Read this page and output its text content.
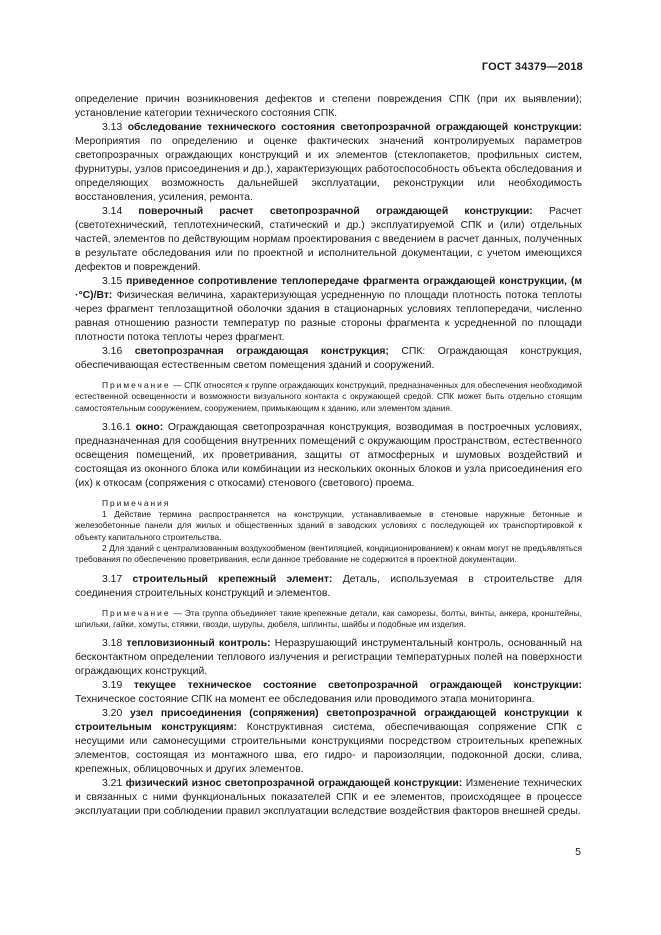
ГОСТ 34379—2018

определение причин возникновения дефектов и степени повреждения СПК (при их выявлении); установление категории технического состояния СПК.

3.13 обследование технического состояния светопрозрачной ограждающей конструкции: Мероприятия по определению и оценке фактических значений контролируемых параметров светопрозрачных ограждающих конструкций и их элементов (стеклопакетов, профильных систем, фурнитуры, узлов присоединения и др.), характеризующих работоспособность объекта обследования и определяющих возможность дальнейшей эксплуатации, реконструкции или необходимость восстановления, усиления, ремонта.

3.14 поверочный расчет светопрозрачной ограждающей конструкции: Расчет (светотехнический, теплотехнический, статический и др.) эксплуатируемой СПК и (или) отдельных частей, элементов по действующим нормам проектирования с введением в расчет данных, полученных в результате обследования или по проектной и исполнительной документации, с учетом имеющихся дефектов и повреждений.

3.15 приведенное сопротивление теплопередаче фрагмента ограждающей конструкции, (м ·°С)/Вт: Физическая величина, характеризующая усредненную по площади плотность потока теплоты через фрагмент теплозащитной оболочки здания в стационарных условиях теплопередачи, численно равная отношению разности температур по разные стороны фрагмента к усредненной по площади плотности потока теплоты через фрагмент.

3.16 светопрозрачная ограждающая конструкция; СПК: Ограждающая конструкция, обеспечивающая естественным светом помещения зданий и сооружений.

Примечание — СПК относятся к группе ограждающих конструкций, предназначенных для обеспечения необходимой естественной освещенности и возможности визуального контакта с окружающей средой. СПК может быть отдельно стоящим самостоятельным сооружением, сооружением, примыкающим к зданию, или элементом здания.

3.16.1 окно: Ограждающая светопрозрачная конструкция, возводимая в построечных условиях, предназначенная для сообщения внутренних помещений с окружающим пространством, естественного освещения помещений, их проветривания, защиты от атмосферных и шумовых воздействий и состоящая из оконного блока или комбинации из нескольких оконных блоков и узла присоединения его (их) к откосам (сопряжения с откосами) стенового (светового) проема.

Примечания

1 Действие термина распространяется на конструкции, устанавливаемые в стеновые наружные бетонные и железобетонные панели для жилых и общественных зданий в заводских условиях с последующей их транспортировкой к объекту капитального строительства.

2 Для зданий с централизованным воздухообменом (вентиляцией, кондиционированием) к окнам могут не предъявляться требования по обеспечению проветривания, если данное требование не содержится в проектной документации.

3.17 строительный крепежный элемент: Деталь, используемая в строительстве для соединения строительных конструкций и элементов.

Примечание — Эта группа объединяет такие крепежные детали, как саморезы, болты, винты, анкера, кронштейны, шпильки, гайки, хомуты, стяжки, гвозди, шурупы, дюбеля, шплинты, шайбы и подобные им изделия.

3.18 тепловизионный контроль: Неразрушающий инструментальный контроль, основанный на бесконтактном определении теплового излучения и регистрации температурных полей на поверхности ограждающих конструкций.

3.19 текущее техническое состояние светопрозрачной ограждающей конструкции: Техническое состояние СПК на момент ее обследования или проводимого этапа мониторинга.

3.20 узел присоединения (сопряжения) светопрозрачной ограждающей конструкции к строительным конструкциям: Конструктивная система, обеспечивающая сопряжение СПК с несущими или самонесущими строительными конструкциями посредством строительных крепежных элементов, состоящая из монтажного шва, его гидро- и пароизоляции, подоконной доски, слива, крепежных, облицовочных и других элементов.

3.21 физический износ светопрозрачной ограждающей конструкции: Изменение технических и связанных с ними функциональных показателей СПК и ее элементов, происходящее в процессе эксплуатации при соблюдении правил эксплуатации вследствие воздействия факторов внешней среды.

5
